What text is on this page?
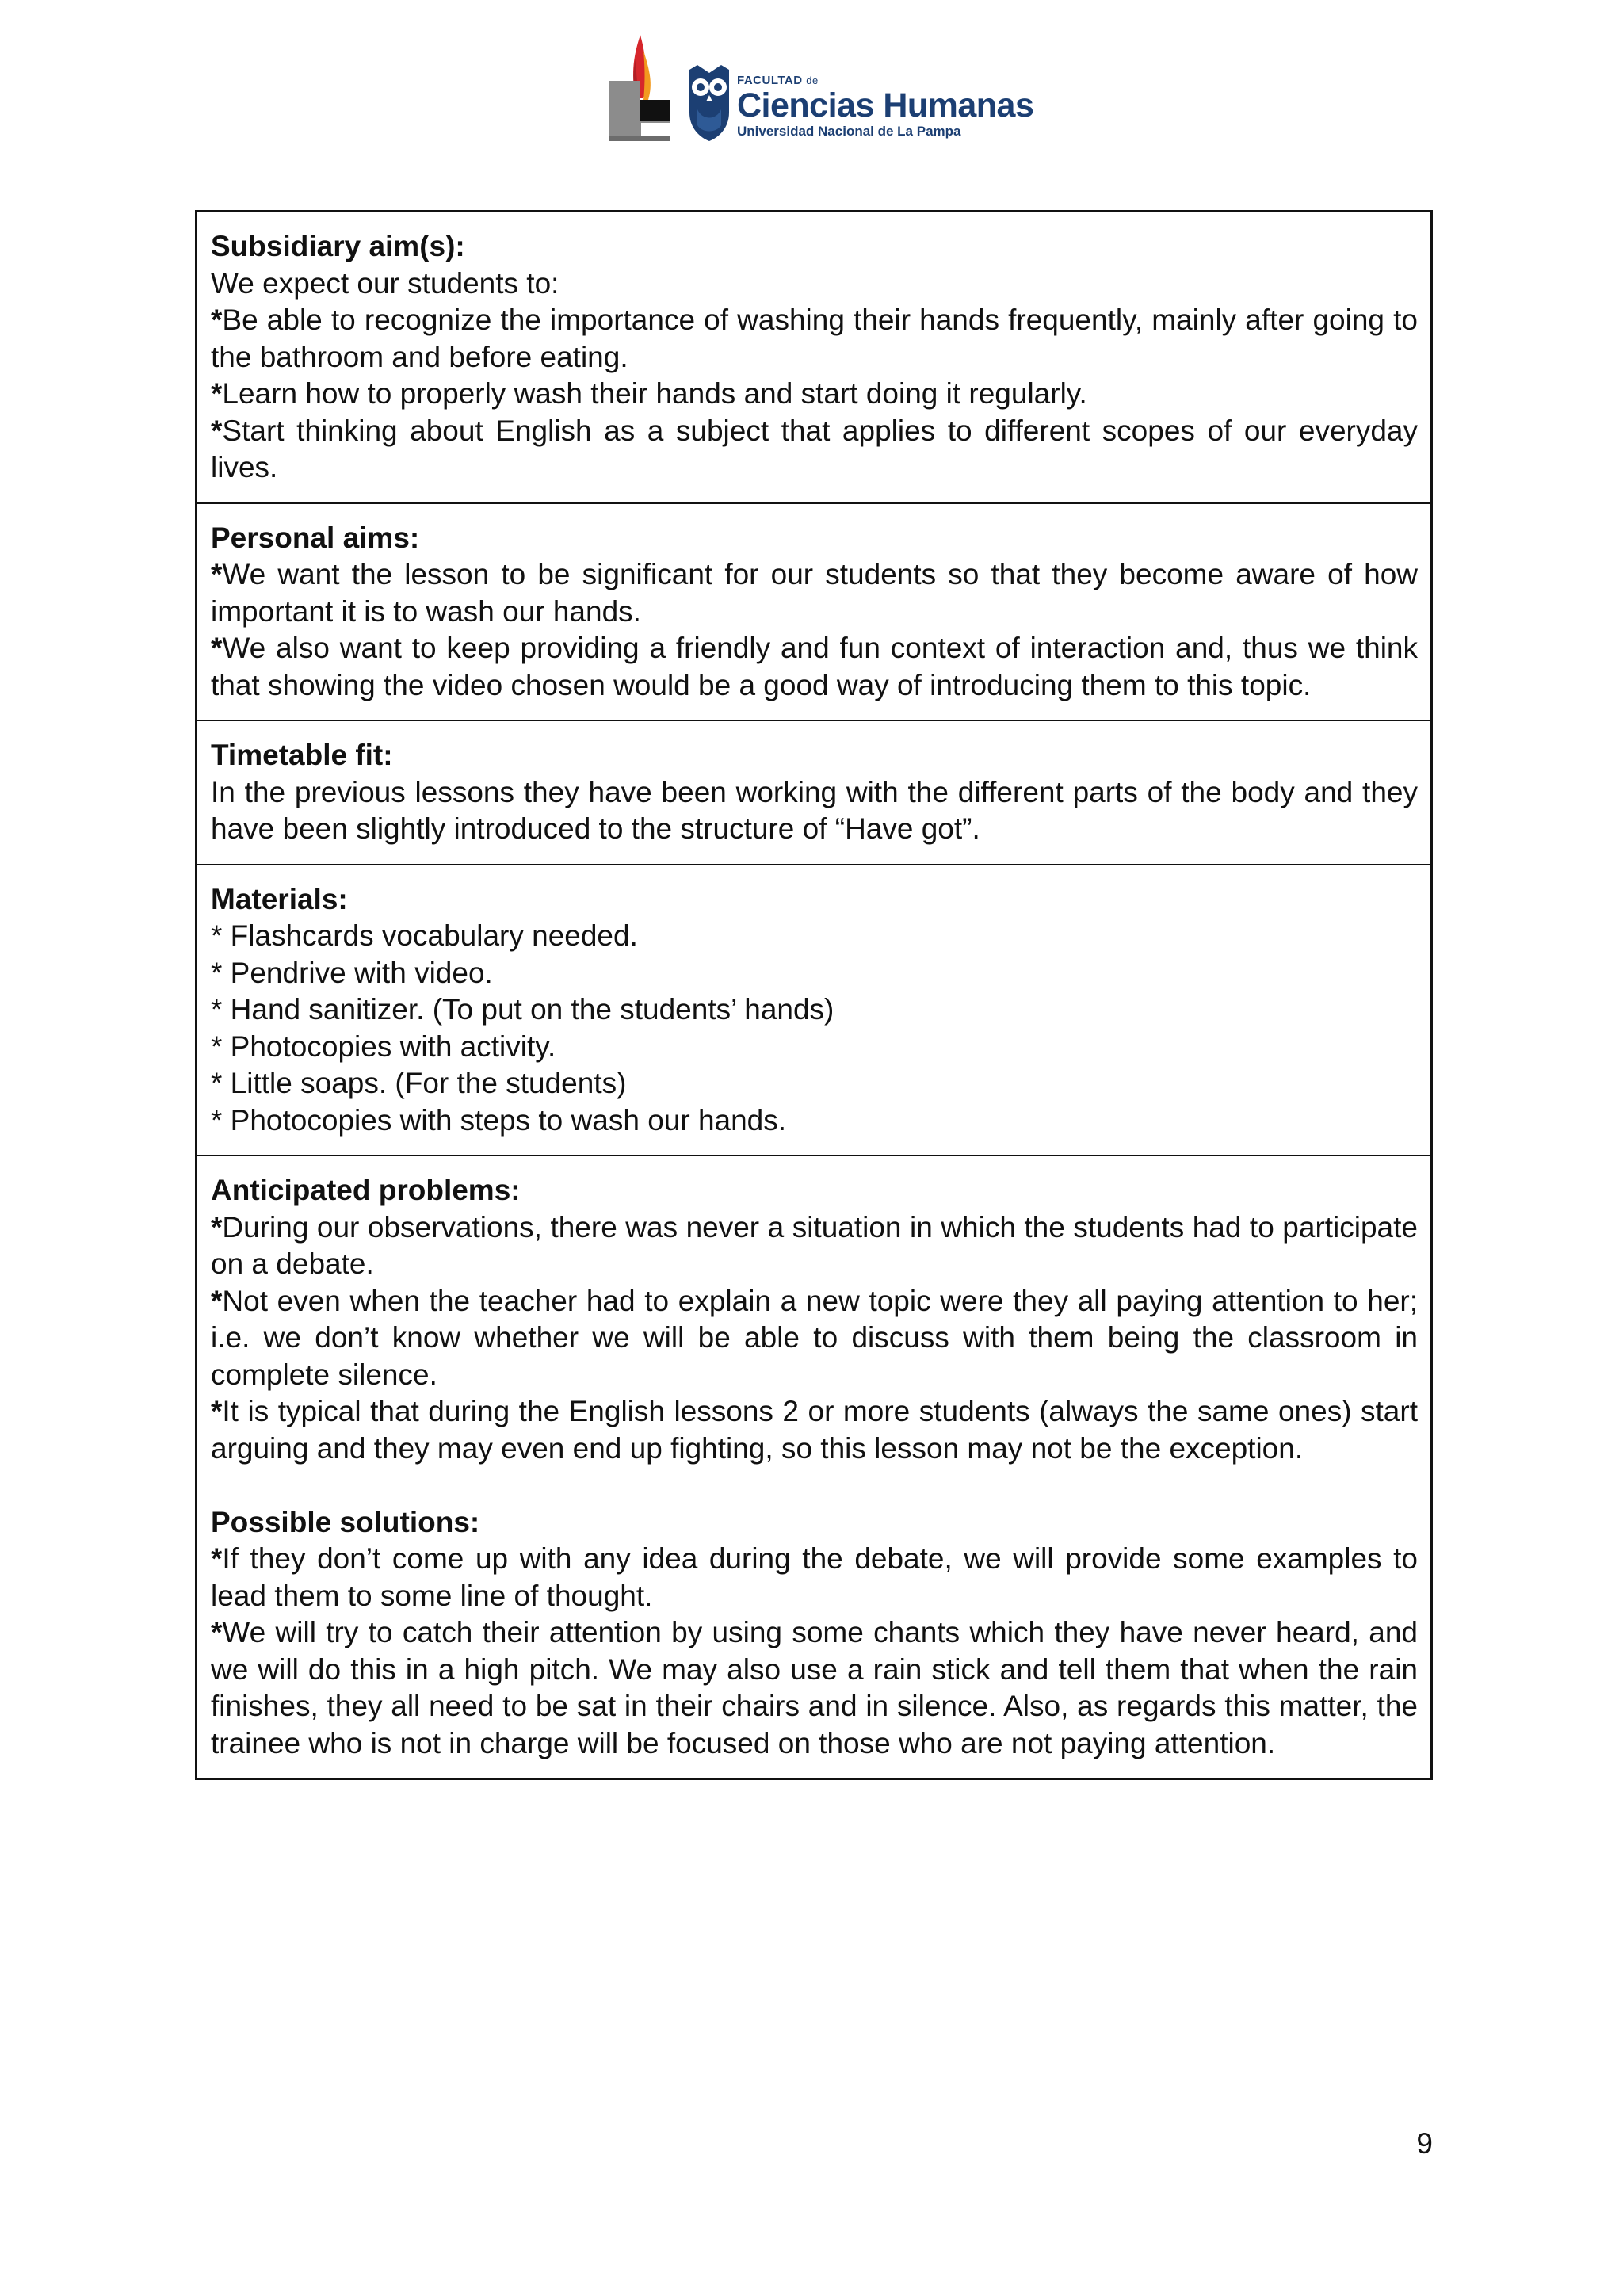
FACULTAD de
Ciencias Humanas
Universidad Nacional de La Pampa
Subsidiary aim(s):
We expect our students to:
*Be able to recognize the importance of washing their hands frequently, mainly after going to the bathroom and before eating.
*Learn how to properly wash their hands and start doing it regularly.
*Start thinking about English as a subject that applies to different scopes of our everyday lives.
Personal aims:
*We want the lesson to be significant for our students so that they become aware of how important it is to wash our hands.
*We also want to keep providing a friendly and fun context of interaction and, thus we think that showing the video chosen would be a good way of introducing them to this topic.
Timetable fit:
In the previous lessons they have been working with the different parts of the body and they have been slightly introduced to the structure of “Have got”.
Materials:
* Flashcards vocabulary needed.
* Pendrive with video.
* Hand sanitizer. (To put on the students’ hands)
* Photocopies with activity.
* Little soaps. (For the students)
* Photocopies with steps to wash our hands.
Anticipated problems:
*During our observations, there was never a situation in which the students had to participate on a debate.
*Not even when the teacher had to explain a new topic were they all paying attention to her; i.e. we don’t know whether we will be able to discuss with them being the classroom in complete silence.
*It is typical that during the English lessons 2 or more students (always the same ones) start arguing and they may even end up fighting, so this lesson may not be the exception.
Possible solutions:
*If they don’t come up with any idea during the debate, we will provide some examples to lead them to some line of thought.
*We will try to catch their attention by using some chants which they have never heard, and we will do this in a high pitch. We may also use a rain stick and tell them that when the rain finishes, they all need to be sat in their chairs and in silence. Also, as regards this matter, the trainee who is not in charge will be focused on those who are not paying attention.
9
